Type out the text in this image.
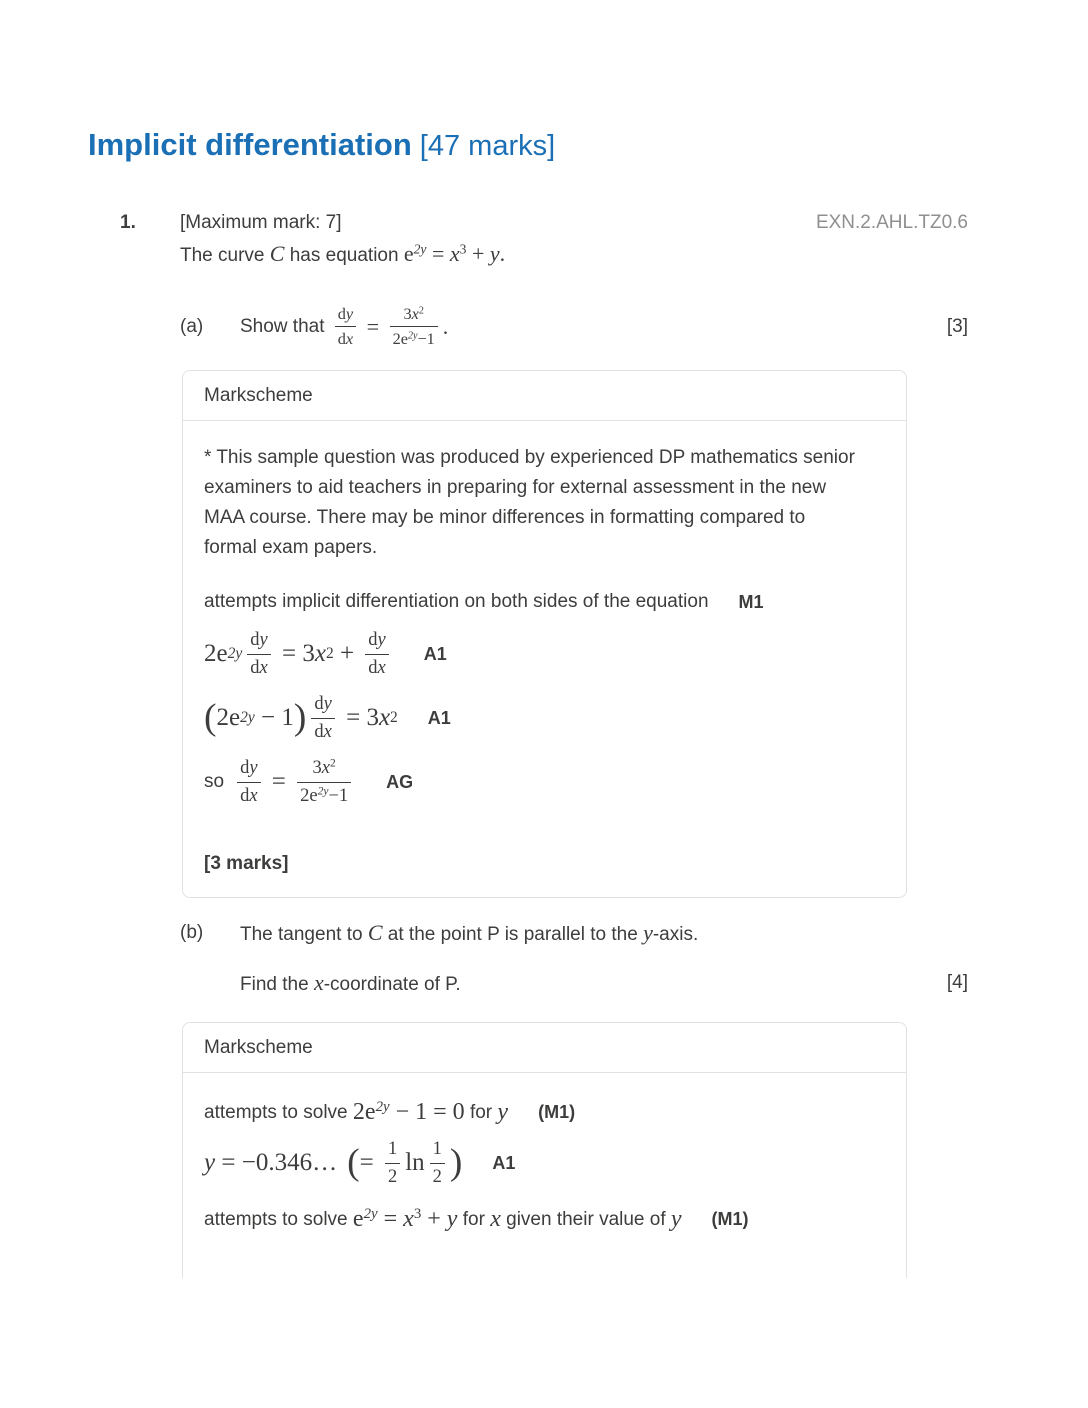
Implicit differentiation [47 marks]
1.	[Maximum mark: 7]	EXN.2.AHL.TZ0.6
The curve C has equation $e^{2y} = x^3 + y$.
(a)	Show that $\frac{dy}{dx} = \frac{3x^2}{2e^{2y}-1}$ .	[3]
Markscheme

* This sample question was produced by experienced DP mathematics senior examiners to aid teachers in preparing for external assessment in the new MAA course. There may be minor differences in formatting compared to formal exam papers.

attempts implicit differentiation on both sides of the equation M1
2e $2y \frac{dy}{dx} = 3$ x $2 + \frac{dy}{dx} A1$
( 2e 2y − 1 ) $\frac{dy}{dx} = 3$ x 2 A1
so $\frac{dy}{dx} = \frac{3x^2}{2e^{2y}-1}$ AG
[3 marks]
(b)	The tangent to C at the point P is parallel to the y-axis.
Find the x-coordinate of P.	[4]
Markscheme
attempts to solve $2e^{2y} - 1 = 0$ for y (M1)
y = −0.346… ( = $\frac{1}{2}$ $\ln \frac{1}{2}$ ) A1
attempts to solve $e^{2y} = x^3 + y$ for x given their value of y (M1)
